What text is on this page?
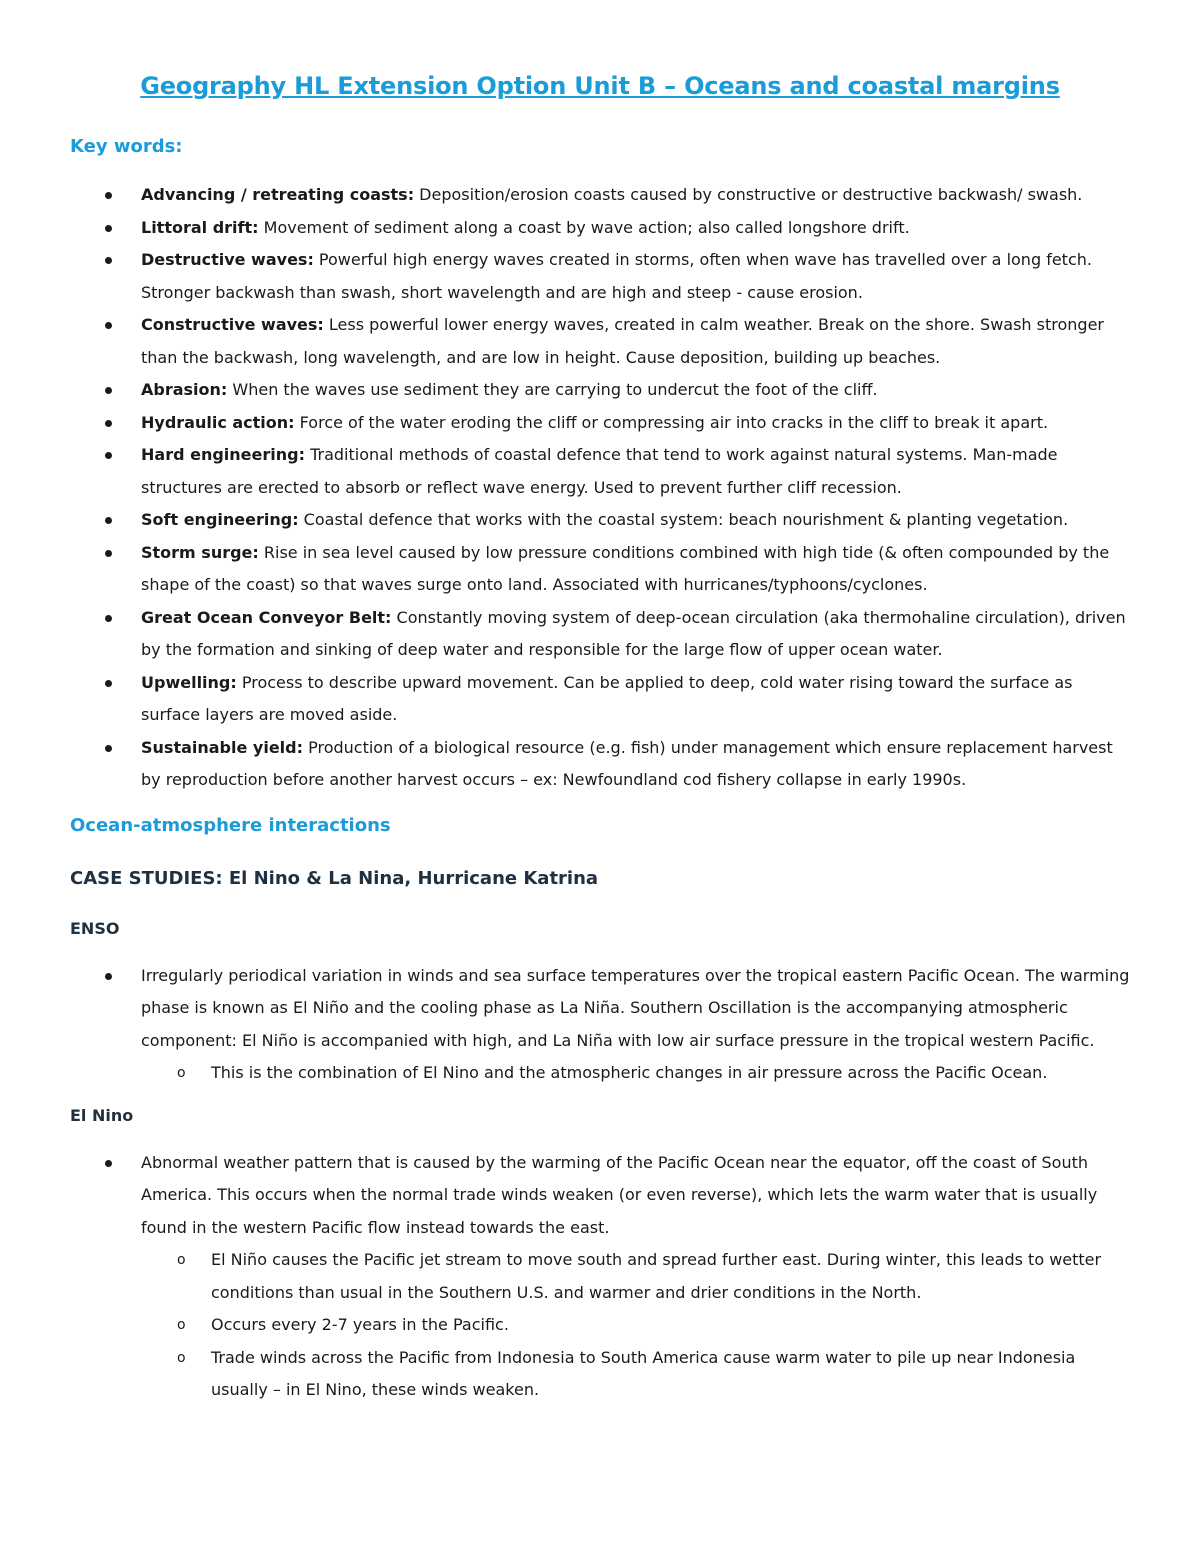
Geography HL Extension Option Unit B – Oceans and coastal margins
Key words:
Advancing / retreating coasts: Deposition/erosion coasts caused by constructive or destructive backwash/ swash.
Littoral drift: Movement of sediment along a coast by wave action; also called longshore drift.
Destructive waves: Powerful high energy waves created in storms, often when wave has travelled over a long fetch. Stronger backwash than swash, short wavelength and are high and steep - cause erosion.
Constructive waves: Less powerful lower energy waves, created in calm weather. Break on the shore. Swash stronger than the backwash, long wavelength, and are low in height. Cause deposition, building up beaches.
Abrasion: When the waves use sediment they are carrying to undercut the foot of the cliff.
Hydraulic action: Force of the water eroding the cliff or compressing air into cracks in the cliff to break it apart.
Hard engineering: Traditional methods of coastal defence that tend to work against natural systems. Man-made structures are erected to absorb or reflect wave energy. Used to prevent further cliff recession.
Soft engineering: Coastal defence that works with the coastal system: beach nourishment & planting vegetation.
Storm surge: Rise in sea level caused by low pressure conditions combined with high tide (& often compounded by the shape of the coast) so that waves surge onto land. Associated with hurricanes/typhoons/cyclones.
Great Ocean Conveyor Belt: Constantly moving system of deep-ocean circulation (aka thermohaline circulation), driven by the formation and sinking of deep water and responsible for the large flow of upper ocean water.
Upwelling: Process to describe upward movement. Can be applied to deep, cold water rising toward the surface as surface layers are moved aside.
Sustainable yield: Production of a biological resource (e.g. fish) under management which ensure replacement harvest by reproduction before another harvest occurs – ex: Newfoundland cod fishery collapse in early 1990s.
Ocean-atmosphere interactions
CASE STUDIES: El Nino & La Nina, Hurricane Katrina
ENSO
Irregularly periodical variation in winds and sea surface temperatures over the tropical eastern Pacific Ocean. The warming phase is known as El Niño and the cooling phase as La Niña. Southern Oscillation is the accompanying atmospheric component: El Niño is accompanied with high, and La Niña with low air surface pressure in the tropical western Pacific.
o This is the combination of El Nino and the atmospheric changes in air pressure across the Pacific Ocean.
El Nino
Abnormal weather pattern that is caused by the warming of the Pacific Ocean near the equator, off the coast of South America. This occurs when the normal trade winds weaken (or even reverse), which lets the warm water that is usually found in the western Pacific flow instead towards the east.
o El Niño causes the Pacific jet stream to move south and spread further east. During winter, this leads to wetter conditions than usual in the Southern U.S. and warmer and drier conditions in the North.
o Occurs every 2-7 years in the Pacific.
o Trade winds across the Pacific from Indonesia to South America cause warm water to pile up near Indonesia usually – in El Nino, these winds weaken.
